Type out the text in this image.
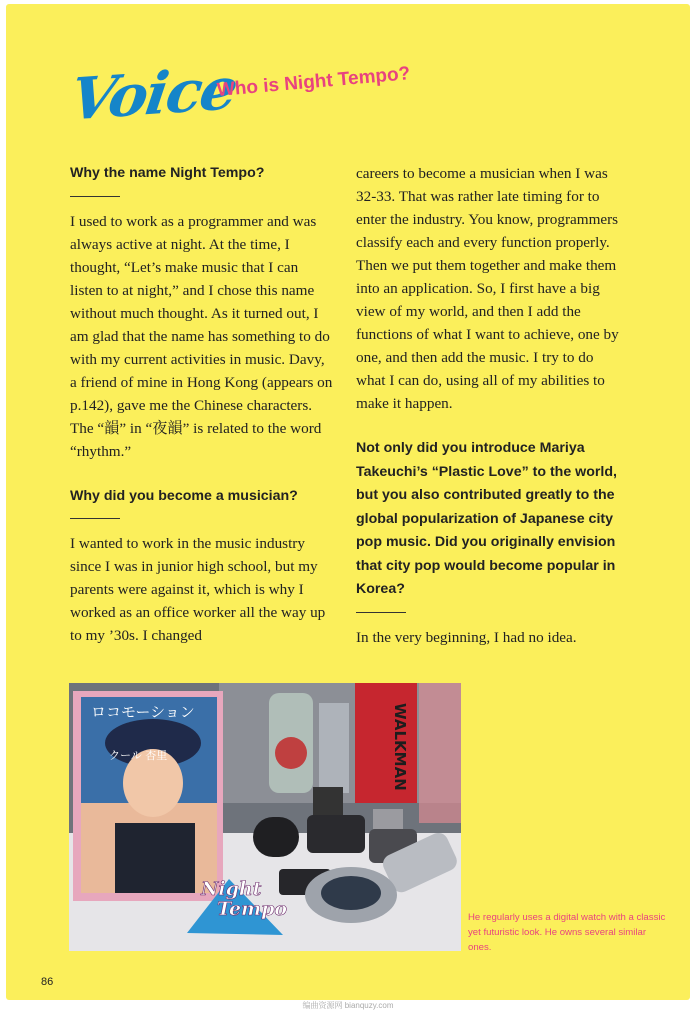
Voice
Who is Night Tempo?

Why the name Night Tempo?

I used to work as a programmer and was always active at night. At the time, I thought, “Let’s make music that I can listen to at night,” and I chose this name without much thought. As it turned out, I am glad that the name has something to do with my current activities in music. Davy, a friend of mine in Hong Kong (appears on p.142), gave me the Chinese characters. The “韻” in “夜韻” is related to the word “rhythm.”

Why did you become a musician?

I wanted to work in the music industry since I was in junior high school, but my parents were against it, which is why I worked as an office worker all the way up to my ’30s. I changed

careers to become a musician when I was 32-33. That was rather late timing for to enter the industry. You know, programmers classify each and every function properly. Then we put them together and make them into an application. So, I first have a big view of my world, and then I add the functions of what I want to achieve, one by one, and then add the music. I try to do what I can do, using all of my abilities to make it happen.

Not only did you introduce Mariya Takeuchi’s “Plastic Love” to the world, but you also contributed greatly to the global popularization of Japanese city pop music. Did you originally envision that city pop would become popular in Korea?

In the very beginning, I had no idea.

WALKMAN
ロコモーション
クール 杏里
Night
Tempo	He regularly uses a digital watch with a classic yet futuristic look. He owns several similar ones.
86
编曲资源网 bianquzy.com
